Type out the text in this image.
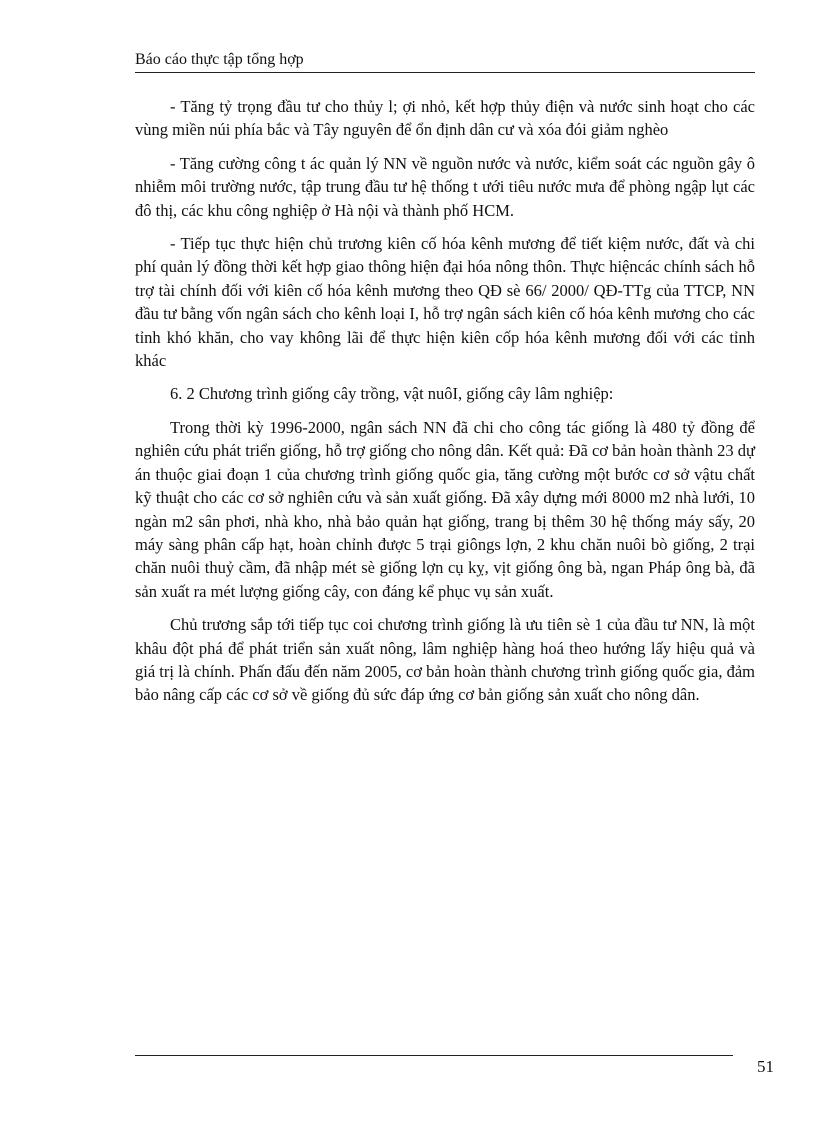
Báo cáo thực tập tổng hợp

- Tăng tỷ trọng đầu tư cho thủy l; ợi nhỏ, kết hợp thủy điện và nước sinh hoạt cho các vùng miền núi phía bắc và Tây nguyên để ổn định dân cư và xóa đói giảm nghèo

- Tăng cường công t ác quản lý NN về nguồn nước và nước, kiểm soát các nguồn gây ô nhiễm môi trường nước, tập trung đầu tư hệ thống t ưới tiêu nước mưa để phòng ngập lụt các đô thị, các khu công nghiệp ở Hà nội và thành phố HCM.

- Tiếp tục thực hiện chủ trương kiên cố hóa kênh mương để tiết kiệm nước, đất và chi phí quản lý đồng thời kết hợp giao thông hiện đại hóa nông thôn. Thực hiệncác chính sách hỗ trợ tài chính đối với kiên cố hóa kênh mương theo QĐ sè 66/ 2000/ QĐ-TTg của TTCP, NN đầu tư bằng vốn ngân sách cho kênh loại I, hỗ trợ ngân sách kiên cố hóa kênh mương cho các tỉnh khó khăn, cho vay không lãi để thực hiện kiên cốp hóa kênh mương đối với các tỉnh khác

6. 2 Chương trình giống cây trồng, vật nuôI, giống cây lâm nghiệp:

Trong thời kỳ 1996-2000, ngân sách NN đã chi cho công tác giống là 480 tỷ đồng để nghiên cứu phát triển giống, hỗ trợ giống cho nông dân. Kết quả: Đã cơ bản hoàn thành 23 dự án thuộc giai đoạn 1 của chương trình giống quốc gia, tăng cường một bước cơ sở vậtu chất kỹ thuật cho các cơ sở nghiên cứu và sản xuất giống. Đã xây dựng mới 8000 m2 nhà lưới, 10 ngàn m2 sân phơi, nhà kho, nhà bảo quản hạt giống, trang bị thêm 30 hệ thống máy sấy, 20 máy sàng phân cấp hạt, hoàn chỉnh được 5 trại giôngs lợn, 2 khu chăn nuôi bò giống, 2 trại chăn nuôi thuỷ cầm, đã nhập mét sè giống lợn cụ kỵ, vịt giống ông bà, ngan Pháp ông bà, đã sản xuất ra mét lượng giống cây, con đáng kể phục vụ sản xuất.

Chủ trương sắp tới tiếp tục coi chương trình giống là ưu tiên sè 1 của đầu tư NN, là một khâu đột phá để phát triển sản xuất nông, lâm nghiệp hàng hoá theo hướng lấy hiệu quả và giá trị là chính. Phấn đấu đến năm 2005, cơ bản hoàn thành chương trình giống quốc gia, đảm bảo nâng cấp các cơ sở về giống đủ sức đáp ứng cơ bản giống sản xuất cho nông dân.

51
